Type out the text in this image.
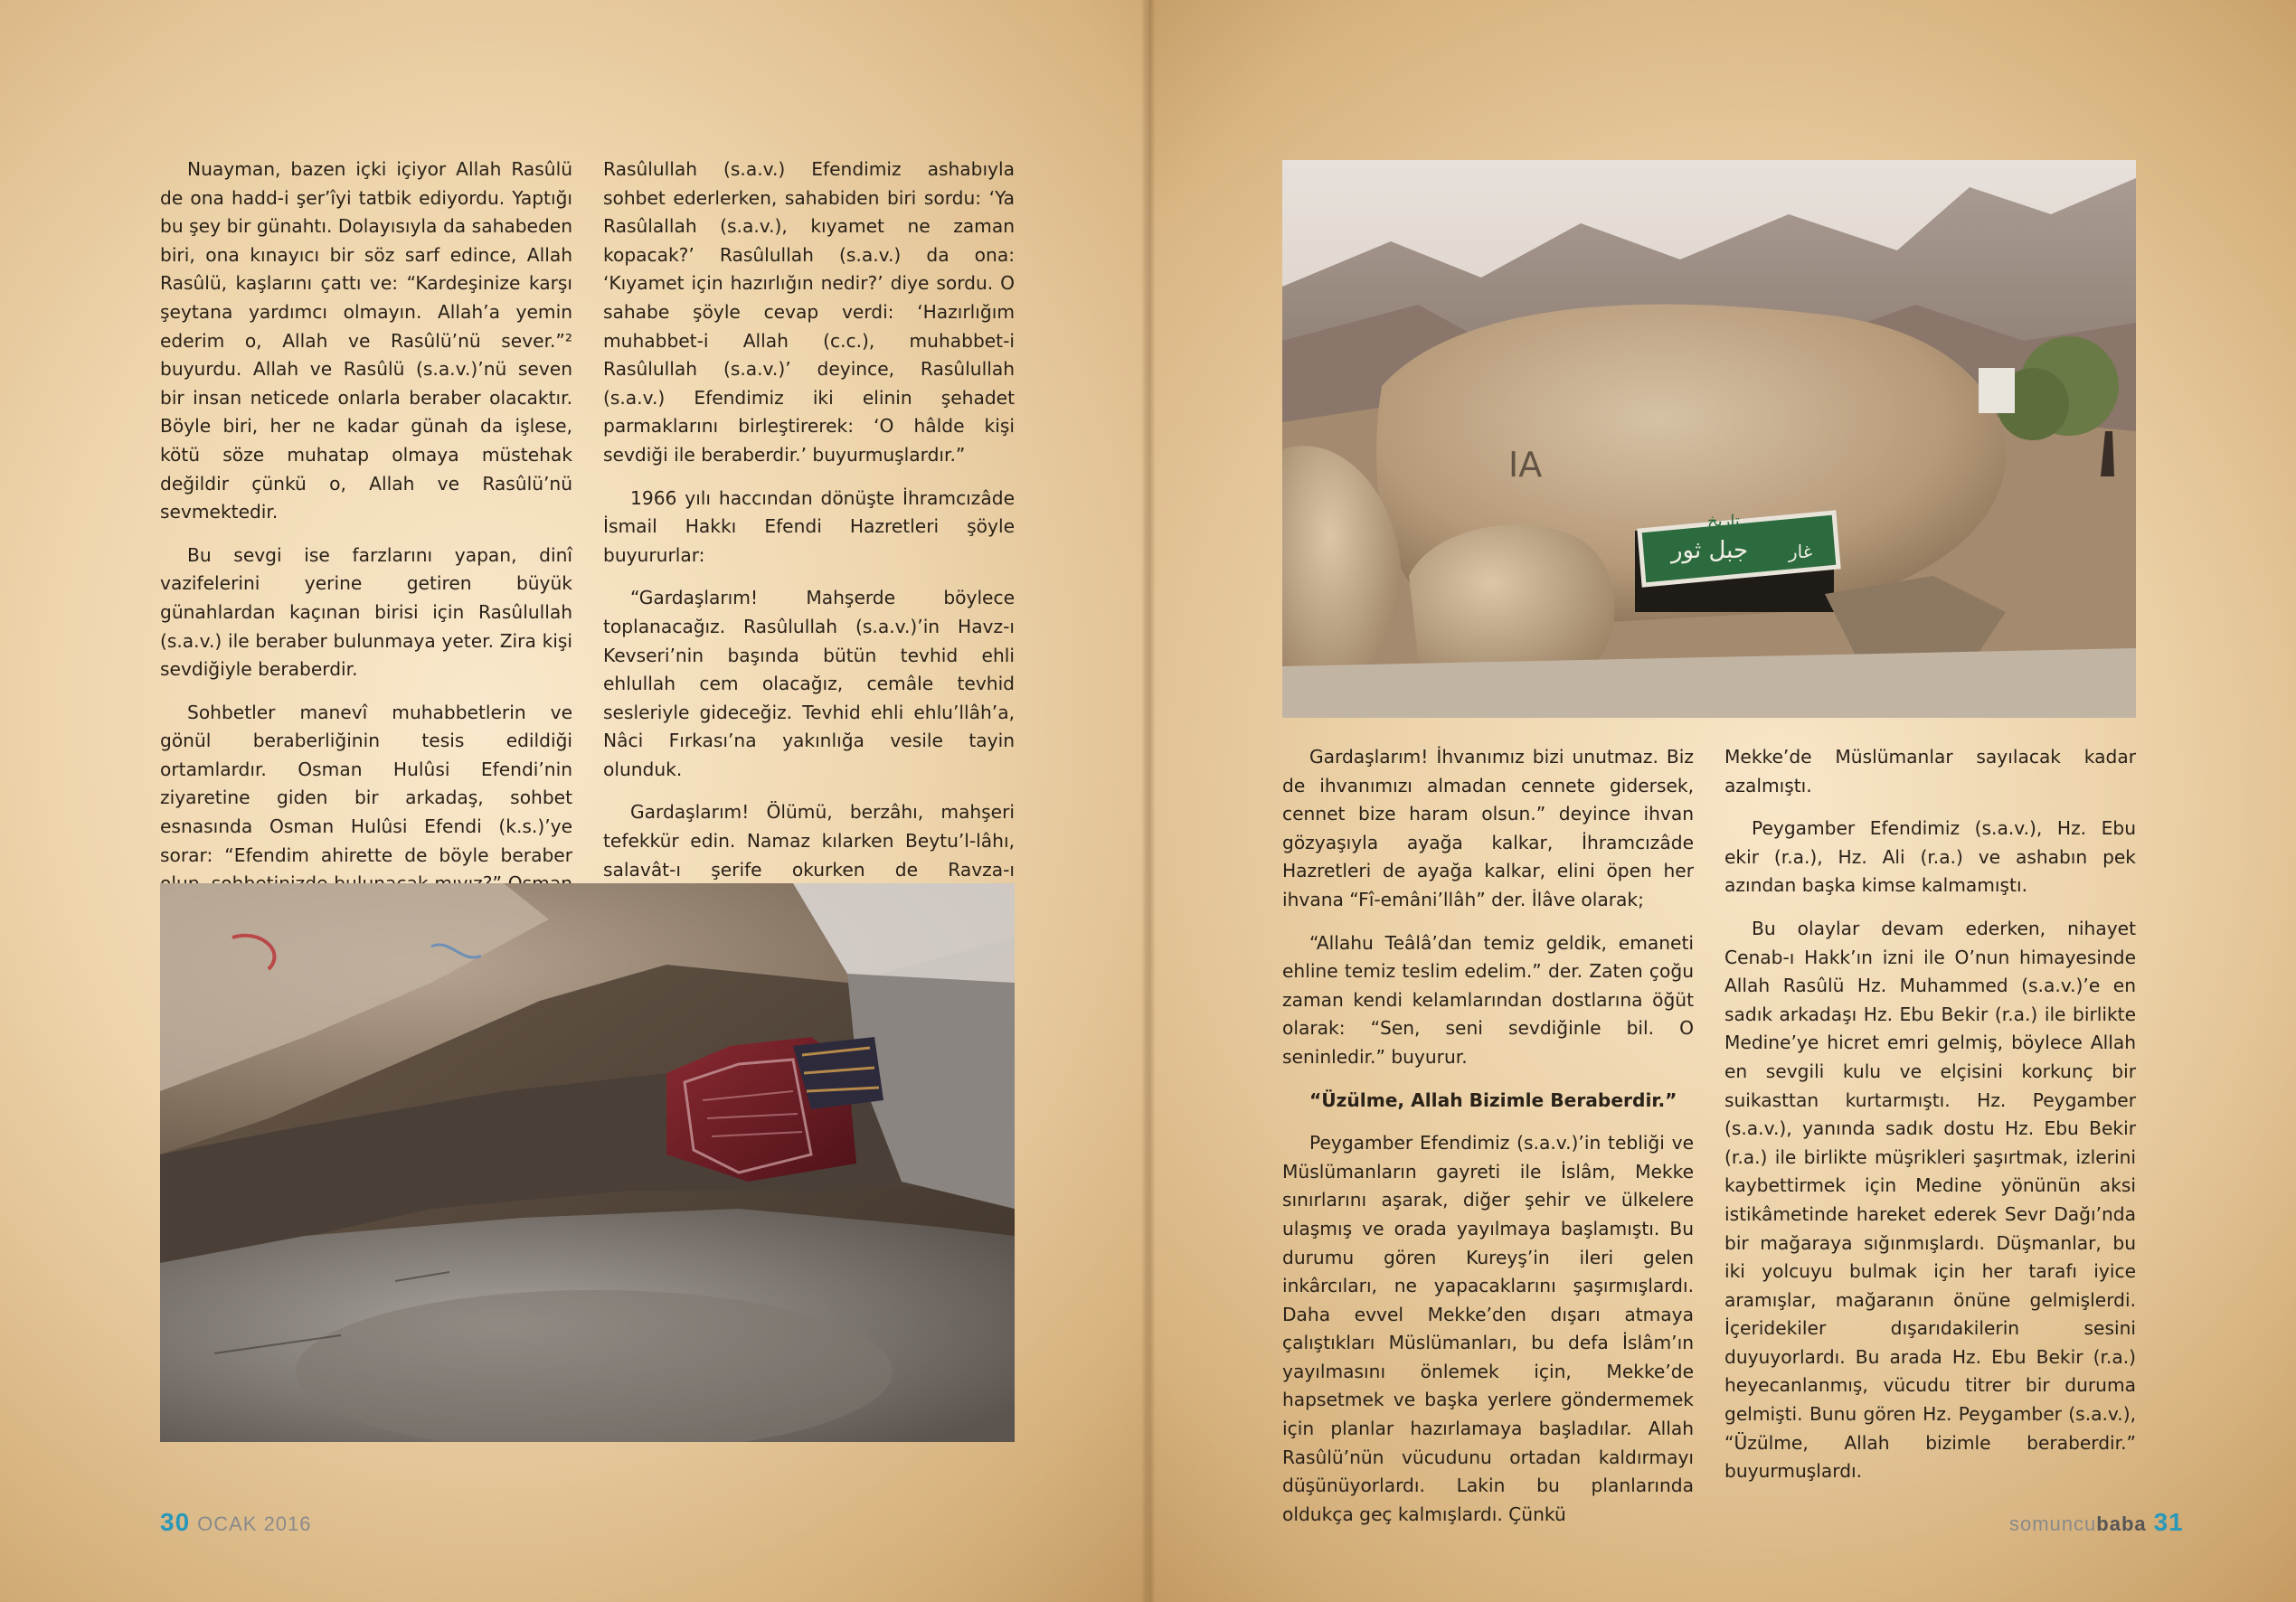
Nuayman, bazen içki içiyor Allah Rasûlü de ona hadd-i şer’îyi tatbik ediyordu. Yaptığı bu şey bir günahtı. Dolayısıyla da sahabeden biri, ona kınayıcı bir söz sarf edince, Allah Rasûlü, kaşlarını çattı ve: “Kardeşinize karşı şeytana yardımcı olmayın. Allah’a yemin ederim o, Allah ve Rasûlü’nü sever.”² buyurdu. Allah ve Rasûlü (s.a.v.)’nü seven bir insan neticede onlarla beraber olacaktır. Böyle biri, her ne kadar günah da işlese, kötü söze muhatap olmaya müstehak değildir çünkü o, Allah ve Rasûlü’nü sevmektedir.

Bu sevgi ise farzlarını yapan, dinî vazifelerini yerine getiren büyük günahlardan kaçınan birisi için Rasûlullah (s.a.v.) ile beraber bulunmaya yeter. Zira kişi sevdiğiyle beraberdir.

Sohbetler manevî muhabbetlerin ve gönül beraberliğinin tesis edildiği ortamlardır. Osman Hulûsi Efendi’nin ziyaretine giden bir arkadaş, sohbet esnasında Osman Hulûsi Efendi (k.s.)’ye sorar: “Efendim ahirette de böyle beraber

Rasûlullah (s.a.v.) Efendimiz ashabıyla sohbet ederlerken, sahabiden biri sordu: ‘Ya Rasûlallah (s.a.v.), kıyamet ne zaman kopacak?’ Rasûlullah (s.a.v.) da ona: ‘Kıyamet için hazırlığın nedir?’ diye sordu. O sahabe şöyle cevap verdi: ‘Hazırlığım muhabbet-i Allah (c.c.), muhabbet-i Rasûlullah (s.a.v.)’ deyince, Rasûlullah (s.a.v.) Efendimiz iki elinin şehadet parmaklarını birleştirerek: ‘O hâlde kişi sevdiği ile beraberdir.’ buyurmuşlardır.”

1966 yılı haccından dönüşte İhramcızâde İsmail Hakkı Efendi Hazretleri şöyle buyururlar:

“Gardaşlarım! Mahşerde böylece toplanacağız. Rasûlullah (s.a.v.)’in Havz-ı Kevseri’nin başında bütün tevhid ehli ehlullah cem olacağız, cemâle tevhid sesleriyle gideceğiz. Tevhid ehli ehlu’llâh’a, Nâci Fırkası’na yakınlığa vesile tayin olunduk.

Gardaşlarım! Ölümü, berzâhı, mahşeri tefekkür edin. Namaz kılarken Beytu’l-lâhı, salavât-ı şerife okurken de Ravza-ı

30 OCAK 2016
جبل ثور
تاریخ
غار
IA

Gardaşlarım! İhvanımız bizi unutmaz. Biz de ihvanımızı almadan cennete gidersek, cennet bize haram olsun.” deyince ihvan gözyaşıyla ayağa kalkar, İhramcızâde Hazretleri de ayağa kalkar, elini öpen her ihvana “Fî-emâni’llâh” der. İlâve olarak;

“Allahu Teâlâ’dan temiz geldik, emaneti ehline temiz teslim edelim.” der. Zaten çoğu zaman kendi kelamlarından dostlarına öğüt olarak: “Sen, seni sevdiğinle bil. O seninledir.” buyurur.

“Üzülme, Allah Bizimle Beraberdir.”

Peygamber Efendimiz (s.a.v.)’in tebliği ve Müslümanların gayreti ile İslâm, Mekke sınırlarını aşarak, diğer şehir ve ülkelere ulaşmış ve orada yayılmaya başlamıştı. Bu durumu gören Kureyş’in ileri gelen inkârcıları, ne yapacaklarını şaşırmışlardı. Daha evvel Mekke’den dışarı atmaya çalıştıkları Müslümanları, bu defa İslâm’ın yayılmasını önlemek için, Mekke’de hapsetmek ve başka yerlere göndermemek için planlar hazırlamaya başladılar. Allah Rasûlü’nün vücudunu ortadan kaldırmayı düşünüyorlardı. Lakin bu planlarında oldukça geç kalmışlardı. Çünkü

Mekke’de Müslümanlar sayılacak kadar azalmıştı.

Peygamber Efendimiz (s.a.v.), Hz. Ebu ekir (r.a.), Hz. Ali (r.a.) ve ashabın pek azından başka kimse kalmamıştı.

Bu olaylar devam ederken, nihayet Cenab-ı Hakk’ın izni ile O’nun himayesinde Allah Rasûlü Hz. Muhammed (s.a.v.)’e en sadık arkadaşı Hz. Ebu Bekir (r.a.) ile birlikte Medine’ye hicret emri gelmiş, böylece Allah en sevgili kulu ve elçisini korkunç bir suikasttan kurtarmıştı. Hz. Peygamber (s.a.v.), yanında sadık dostu Hz. Ebu Bekir (r.a.) ile birlikte müşrikleri şaşırtmak, izlerini kaybettirmek için Medine yönünün aksi istikâmetinde hareket ederek Sevr Dağı’nda bir mağaraya sığınmışlardı. Düşmanlar, bu iki yolcuyu bulmak için her tarafı iyice aramışlar, mağaranın önüne gelmişlerdi. İçeridekiler dışarıdakilerin sesini duyuyorlardı. Bu arada Hz. Ebu Bekir (r.a.) heyecanlanmış, vücudu titrer bir duruma gelmişti. Bunu gören Hz. Peygamber (s.a.v.), “Üzülme, Allah bizimle beraberdir.” buyurmuşlardı.

somuncubaba 31
